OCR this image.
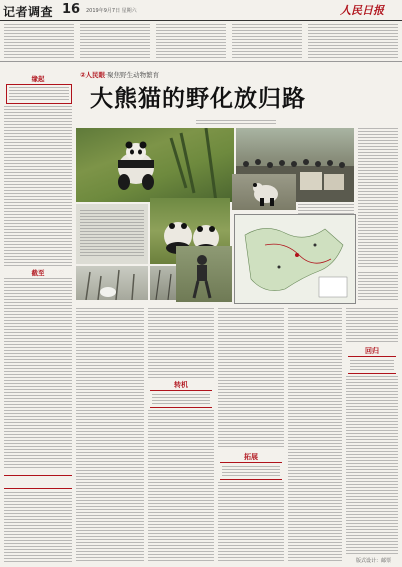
记者调查 16 2019年9月7日 星期六	人民日报
缘起
截至
②人民眼·聚焦野生动物繁育
大熊猫的野化放归路
转机
拓展
回归
版式设计：邮票
